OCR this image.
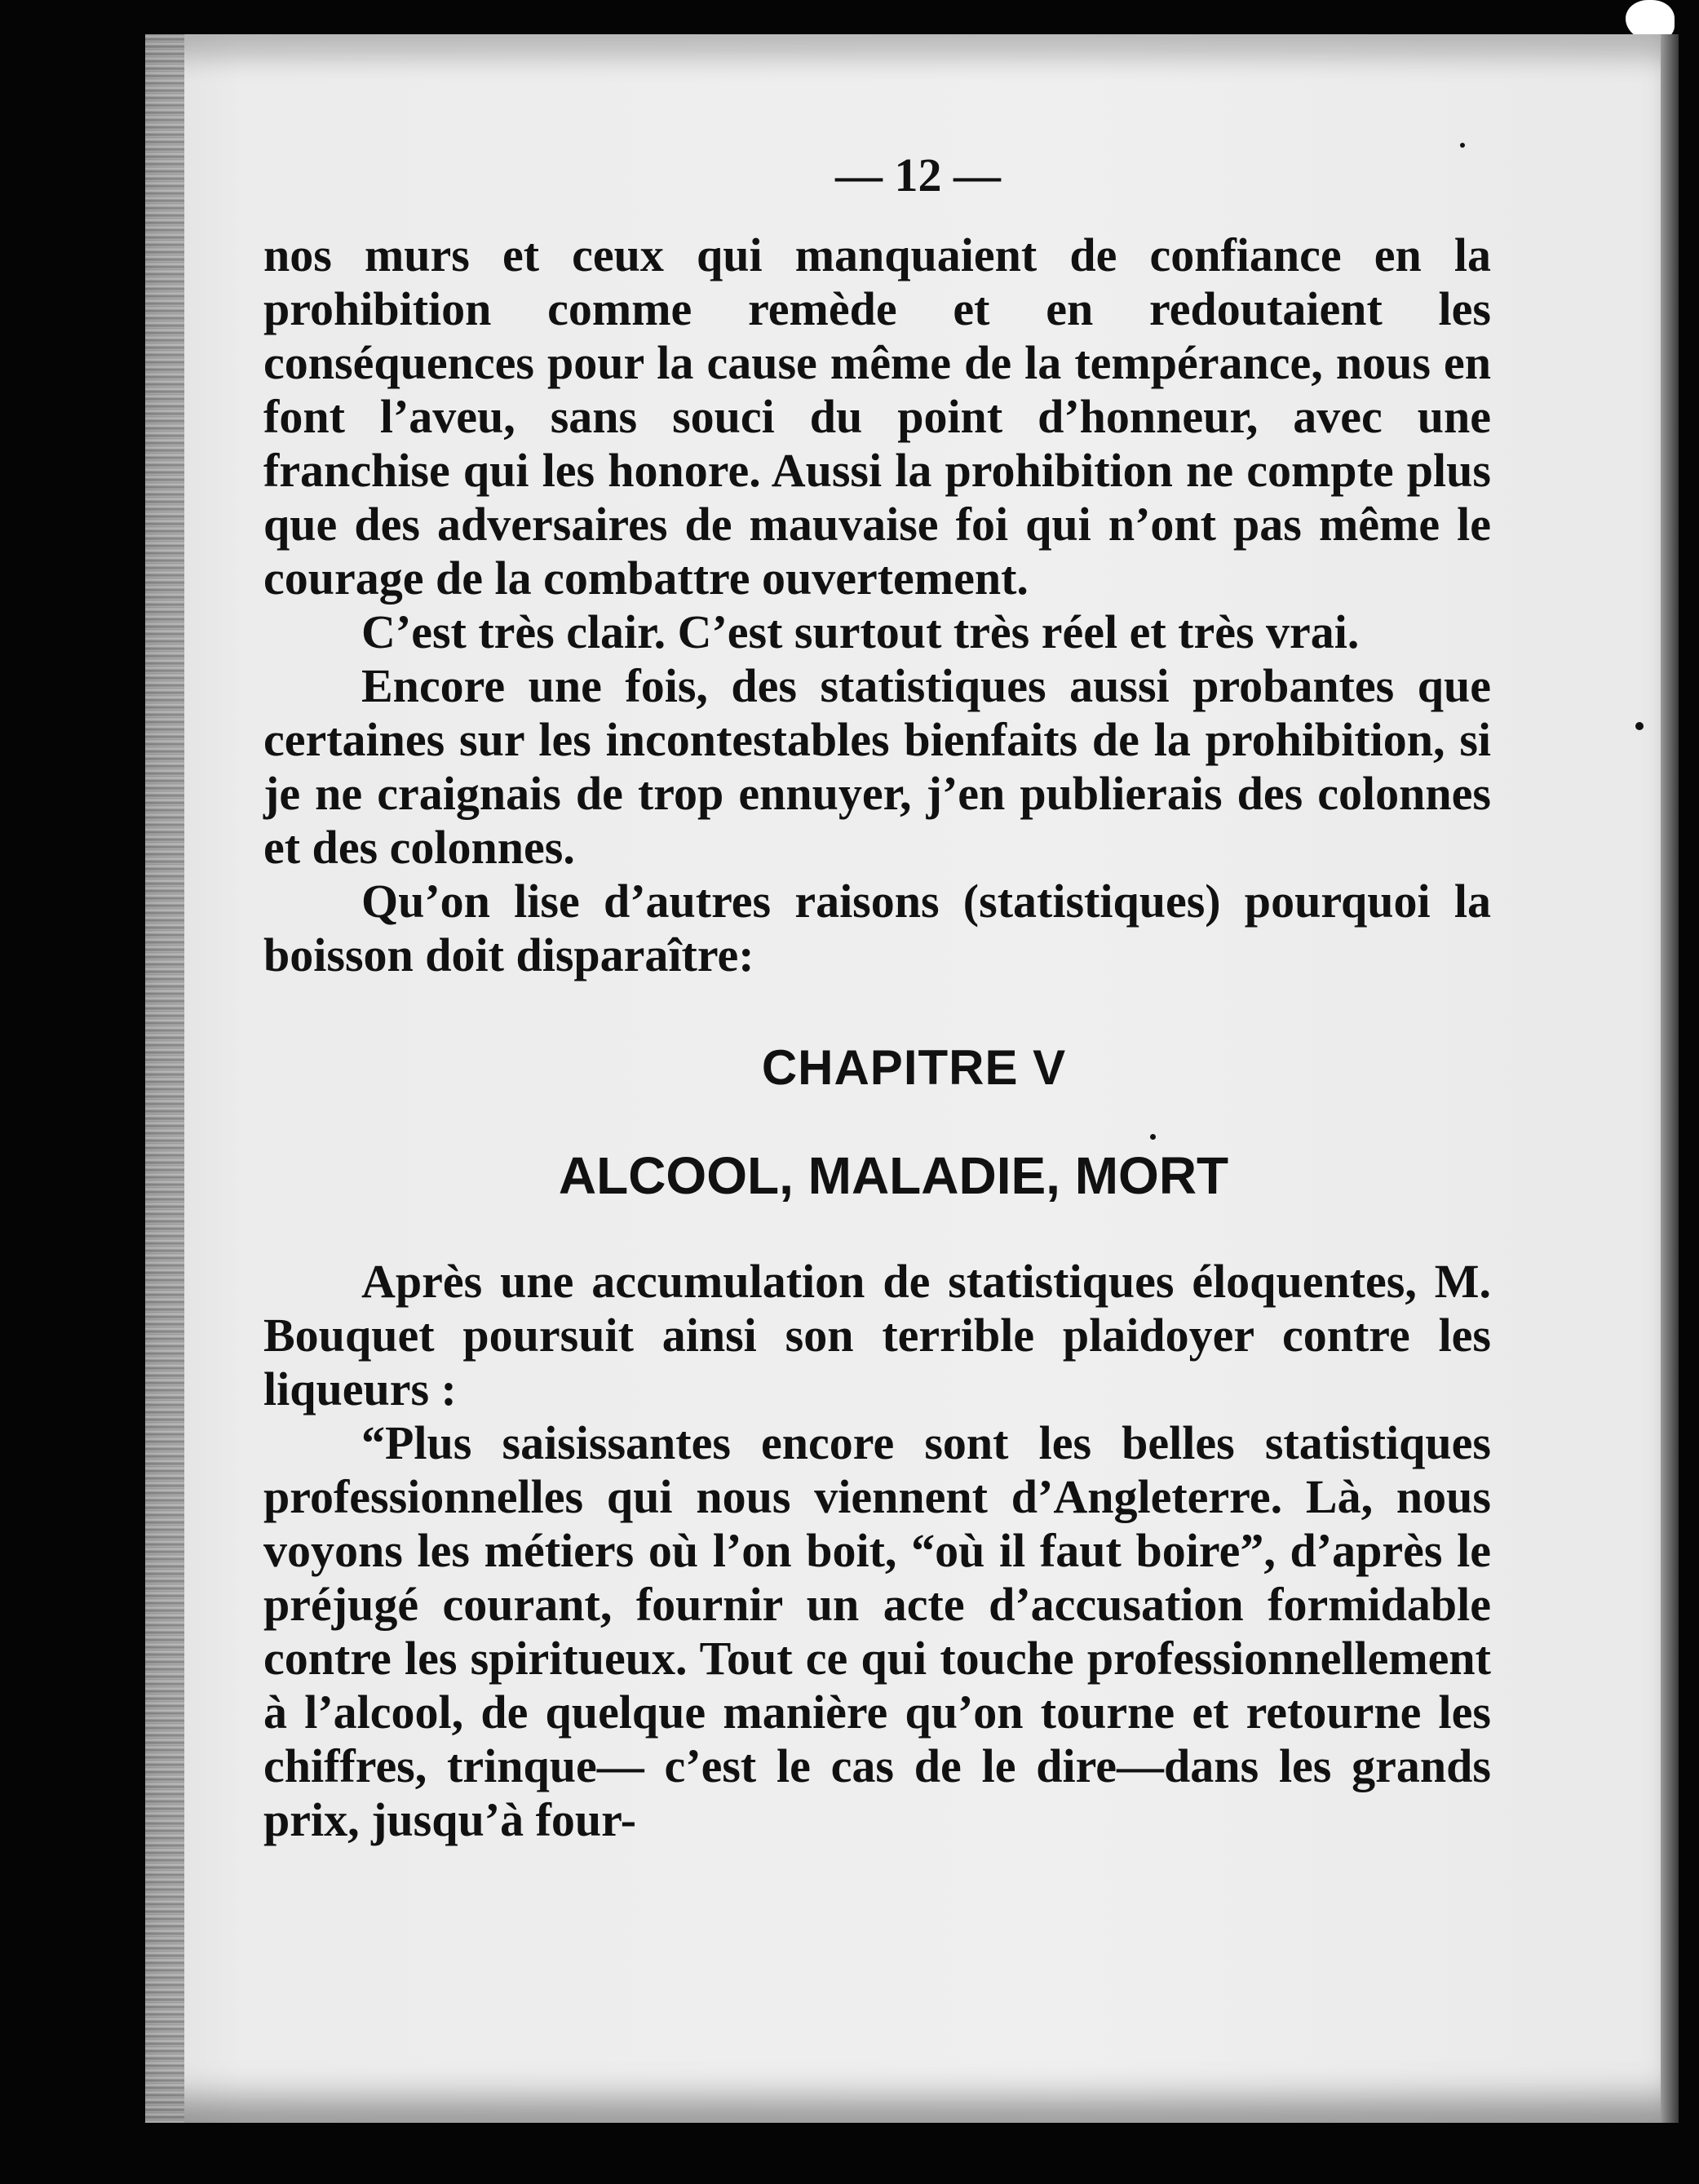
— 12 —

nos murs et ceux qui manquaient de confiance en la prohibition comme remède et en redoutaient les conséquences pour la cause même de la tempérance, nous en font l’aveu, sans souci du point d’honneur, avec une franchise qui les honore. Aussi la prohibition ne compte plus que des adversaires de mauvaise foi qui n’ont pas même le courage de la combattre ouvertement.

C’est très clair. C’est surtout très réel et très vrai.

Encore une fois, des statistiques aussi probantes que certaines sur les incontestables bienfaits de la prohibition, si je ne craignais de trop ennuyer, j’en publierais des colonnes et des colonnes.

Qu’on lise d’autres raisons (statistiques) pourquoi la boisson doit disparaître:

CHAPITRE V
ALCOOL, MALADIE, MORT

Après une accumulation de statistiques éloquentes, M. Bouquet poursuit ainsi son terrible plaidoyer contre les liqueurs :

“Plus saisissantes encore sont les belles statistiques professionnelles qui nous viennent d’Angleterre. Là, nous voyons les métiers où l’on boit, “où il faut boire”, d’après le préjugé courant, fournir un acte d’accusation formidable contre les spiritueux. Tout ce qui touche professionnellement à l’alcool, de quelque manière qu’on tourne et retourne les chiffres, trinque— c’est le cas de le dire—dans les grands prix, jusqu’à four-
